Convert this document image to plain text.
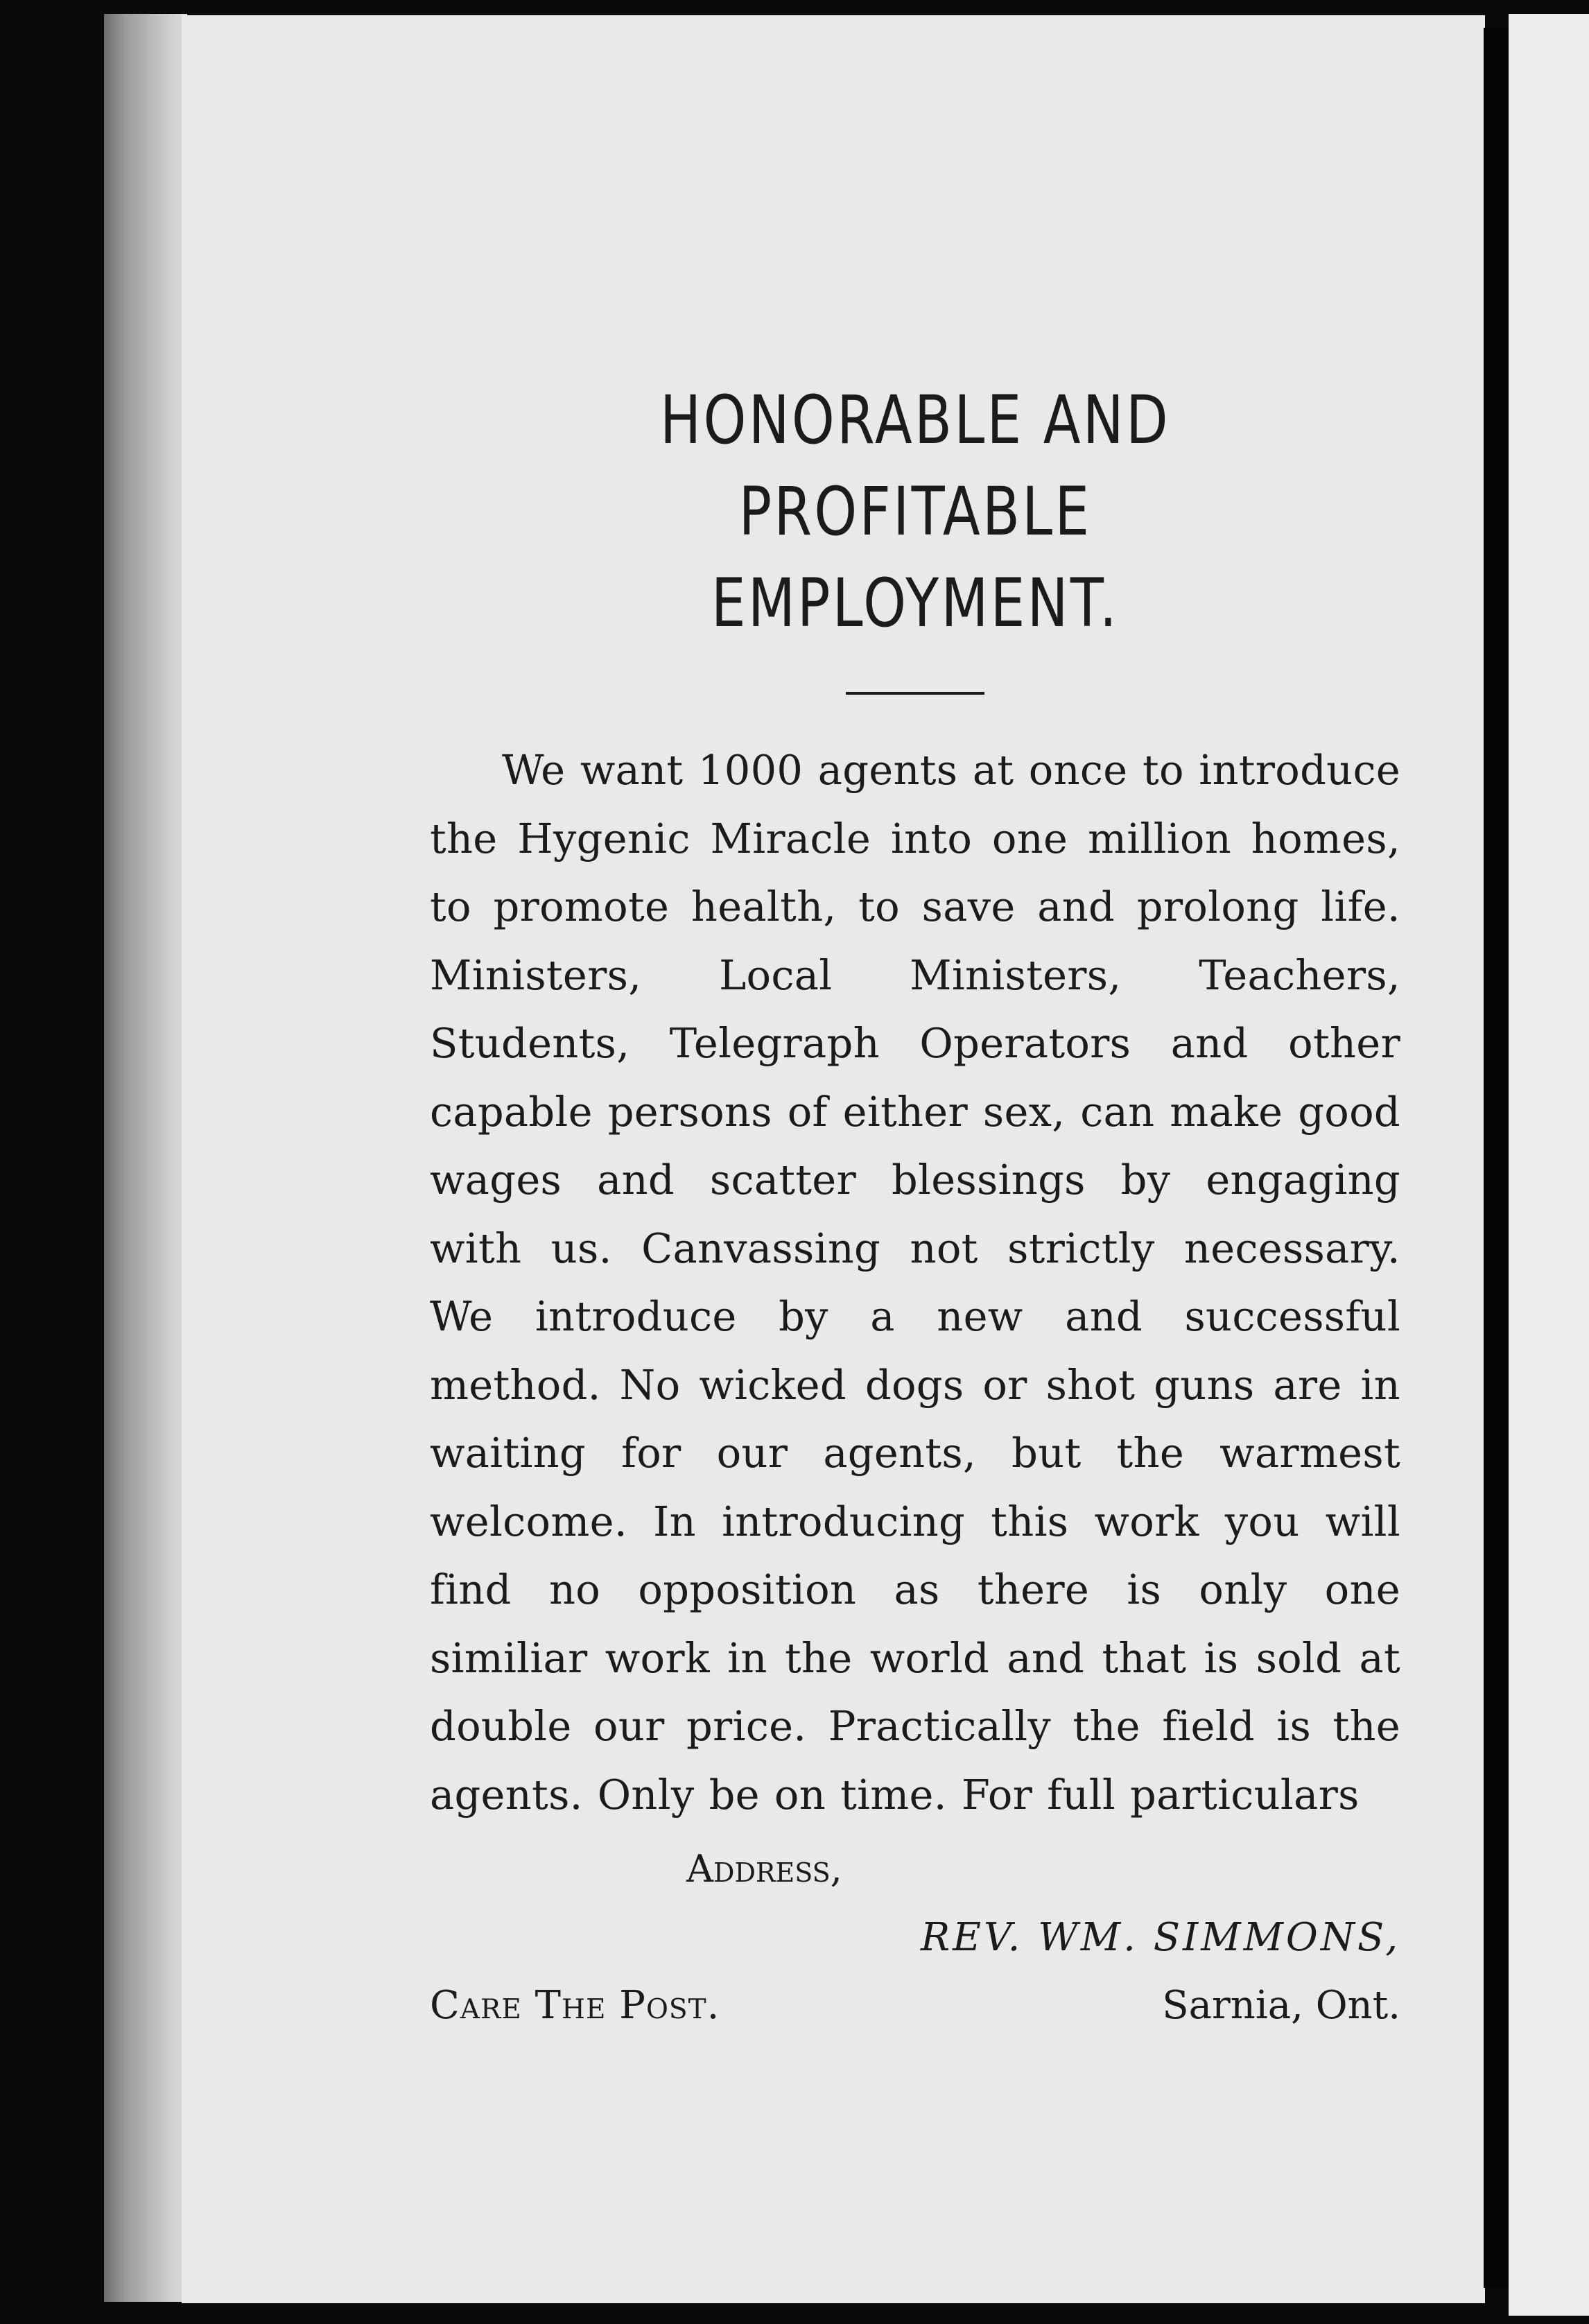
HONORABLE AND PROFITABLE
EMPLOYMENT.

We want 1000 agents at once to introduce the Hygenic Miracle into one million homes, to promote health, to save and prolong life. Ministers, Local Ministers, Teachers, Students, Telegraph Operators and other capable persons of either sex, can make good wages and scatter blessings by engaging with us. Canvassing not strictly necessary. We introduce by a new and successful method. No wicked dogs or shot guns are in waiting for our agents, but the warmest welcome. In introducing this work you will find no opposition as there is only one similiar work in the world and that is sold at double our price. Practically the field is the agents. Only be on time. For full particulars

Address,

REV. WM. SIMMONS,

Care The Post.	Sarnia, Ont.
